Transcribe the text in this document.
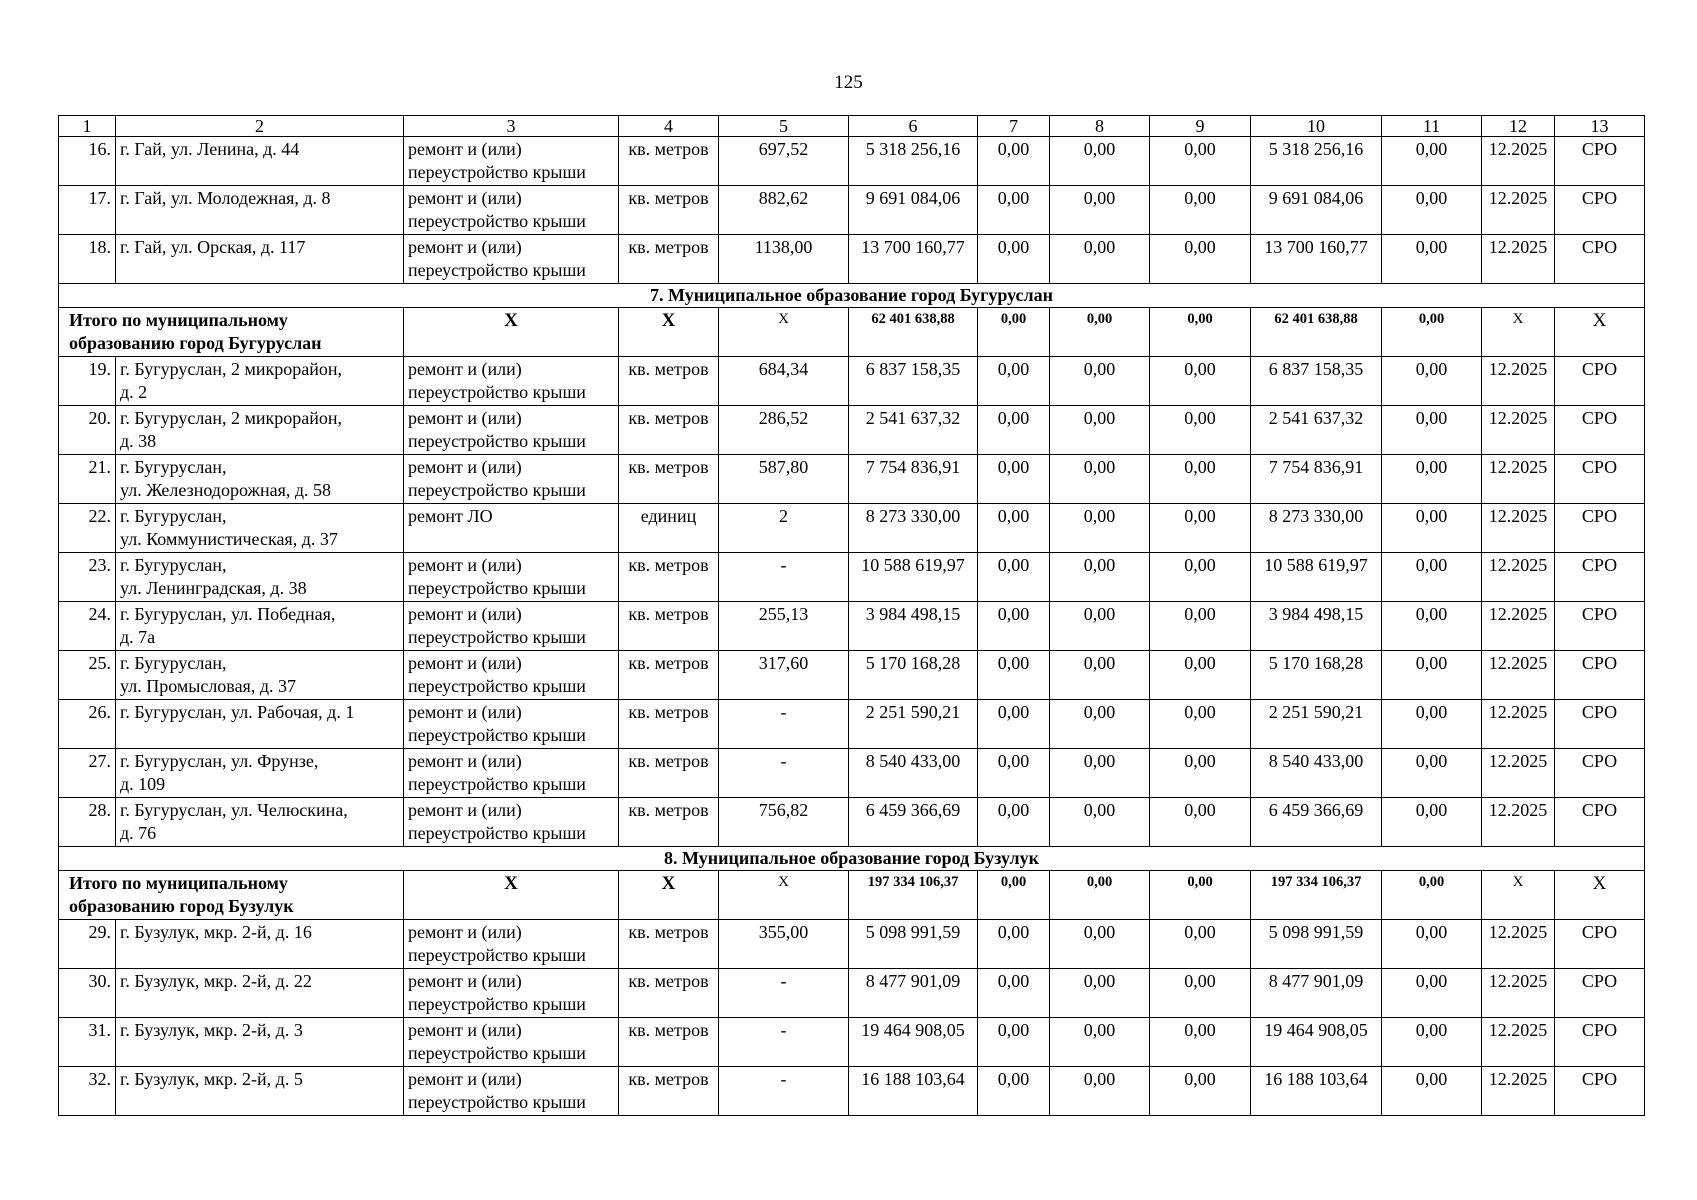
125
1	2	3	4	5	6	7	8	9	10	11	12	13
16.	г. Гай, ул. Ленина, д. 44	ремонт и (или)
переустройство крыши	кв. метров	697,52	5 318 256,16	0,00	0,00	0,00	5 318 256,16	0,00	12.2025	СРО
17.	г. Гай, ул. Молодежная, д. 8	ремонт и (или)
переустройство крыши	кв. метров	882,62	9 691 084,06	0,00	0,00	0,00	9 691 084,06	0,00	12.2025	СРО
18.	г. Гай, ул. Орская, д. 117	ремонт и (или)
переустройство крыши	кв. метров	1138,00	13 700 160,77	0,00	0,00	0,00	13 700 160,77	0,00	12.2025	СРО
7. Муниципальное образование город Бугуруслан												
Итого по муниципальному
образованию город Бугуруслан		Х	Х	Х	62 401 638,88	0,00	0,00	0,00	62 401 638,88	0,00	Х	Х
19.	г. Бугуруслан, 2 микрорайон,
д. 2	ремонт и (или)
переустройство крыши	кв. метров	684,34	6 837 158,35	0,00	0,00	0,00	6 837 158,35	0,00	12.2025	СРО
20.	г. Бугуруслан, 2 микрорайон,
д. 38	ремонт и (или)
переустройство крыши	кв. метров	286,52	2 541 637,32	0,00	0,00	0,00	2 541 637,32	0,00	12.2025	СРО
21.	г. Бугуруслан,
ул. Железнодорожная, д. 58	ремонт и (или)
переустройство крыши	кв. метров	587,80	7 754 836,91	0,00	0,00	0,00	7 754 836,91	0,00	12.2025	СРО
22.	г. Бугуруслан,
ул. Коммунистическая, д. 37	ремонт ЛО	единиц	2	8 273 330,00	0,00	0,00	0,00	8 273 330,00	0,00	12.2025	СРО
23.	г. Бугуруслан,
ул. Ленинградская, д. 38	ремонт и (или)
переустройство крыши	кв. метров	-	10 588 619,97	0,00	0,00	0,00	10 588 619,97	0,00	12.2025	СРО
24.	г. Бугуруслан, ул. Победная,
д. 7а	ремонт и (или)
переустройство крыши	кв. метров	255,13	3 984 498,15	0,00	0,00	0,00	3 984 498,15	0,00	12.2025	СРО
25.	г. Бугуруслан,
ул. Промысловая, д. 37	ремонт и (или)
переустройство крыши	кв. метров	317,60	5 170 168,28	0,00	0,00	0,00	5 170 168,28	0,00	12.2025	СРО
26.	г. Бугуруслан, ул. Рабочая, д. 1	ремонт и (или)
переустройство крыши	кв. метров	-	2 251 590,21	0,00	0,00	0,00	2 251 590,21	0,00	12.2025	СРО
27.	г. Бугуруслан, ул. Фрунзе,
д. 109	ремонт и (или)
переустройство крыши	кв. метров	-	8 540 433,00	0,00	0,00	0,00	8 540 433,00	0,00	12.2025	СРО
28.	г. Бугуруслан, ул. Челюскина,
д. 76	ремонт и (или)
переустройство крыши	кв. метров	756,82	6 459 366,69	0,00	0,00	0,00	6 459 366,69	0,00	12.2025	СРО
8. Муниципальное образование город Бузулук												
Итого по муниципальному
образованию город Бузулук		Х	Х	Х	197 334 106,37	0,00	0,00	0,00	197 334 106,37	0,00	Х	Х
29.	г. Бузулук, мкр. 2-й, д. 16	ремонт и (или)
переустройство крыши	кв. метров	355,00	5 098 991,59	0,00	0,00	0,00	5 098 991,59	0,00	12.2025	СРО
30.	г. Бузулук, мкр. 2-й, д. 22	ремонт и (или)
переустройство крыши	кв. метров	-	8 477 901,09	0,00	0,00	0,00	8 477 901,09	0,00	12.2025	СРО
31.	г. Бузулук, мкр. 2-й, д. 3	ремонт и (или)
переустройство крыши	кв. метров	-	19 464 908,05	0,00	0,00	0,00	19 464 908,05	0,00	12.2025	СРО
32.	г. Бузулук, мкр. 2-й, д. 5	ремонт и (или)
переустройство крыши	кв. метров	-	16 188 103,64	0,00	0,00	0,00	16 188 103,64	0,00	12.2025	СРО
